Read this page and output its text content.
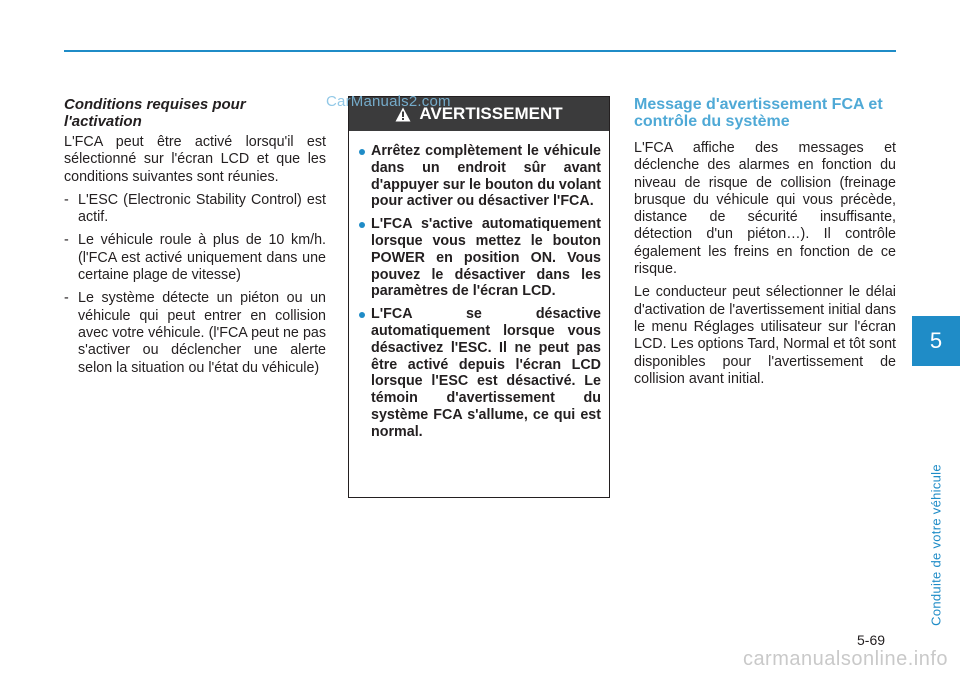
CarManuals2.com
Conditions requises pour l'activation

L'FCA peut être activé lorsqu'il est sélectionné sur l'écran LCD et que les conditions suivantes sont réunies.

- L'ESC (Electronic Stability Control) est actif.
- Le véhicule roule à plus de 10 km/h. (l'FCA est activé uniquement dans une certaine plage de vitesse)
- Le système détecte un piéton ou un véhicule qui peut entrer en collision avec votre véhicule. (l'FCA peut ne pas s'activer ou déclencher une alerte selon la situation ou l'état du véhicule)
AVERTISSEMENT
Arrêtez complètement le véhicule dans un endroit sûr avant d'appuyer sur le bouton du volant pour activer ou désactiver l'FCA.
L'FCA s'active automatiquement lorsque vous mettez le bouton POWER en position ON. Vous pouvez le désactiver dans les paramètres de l'écran LCD.
L'FCA se désactive automatiquement lorsque vous désactivez l'ESC. Il ne peut pas être activé depuis l'écran LCD lorsque l'ESC est désactivé. Le témoin d'avertissement du système FCA s'allume, ce qui est normal.
Message d'avertissement FCA et contrôle du système

L'FCA affiche des messages et déclenche des alarmes en fonction du niveau de risque de collision (freinage brusque du véhicule qui vous précède, distance de sécurité insuffisante, détection d'un piéton…). Il contrôle également les freins en fonction de ce risque.

Le conducteur peut sélectionner le délai d'activation de l'avertissement initial dans le menu Réglages utilisateur sur l'écran LCD. Les options Tard, Normal et tôt sont disponibles pour l'avertissement de collision avant initial.

5
Conduite de votre véhicule
5-69
carmanualsonline.info
